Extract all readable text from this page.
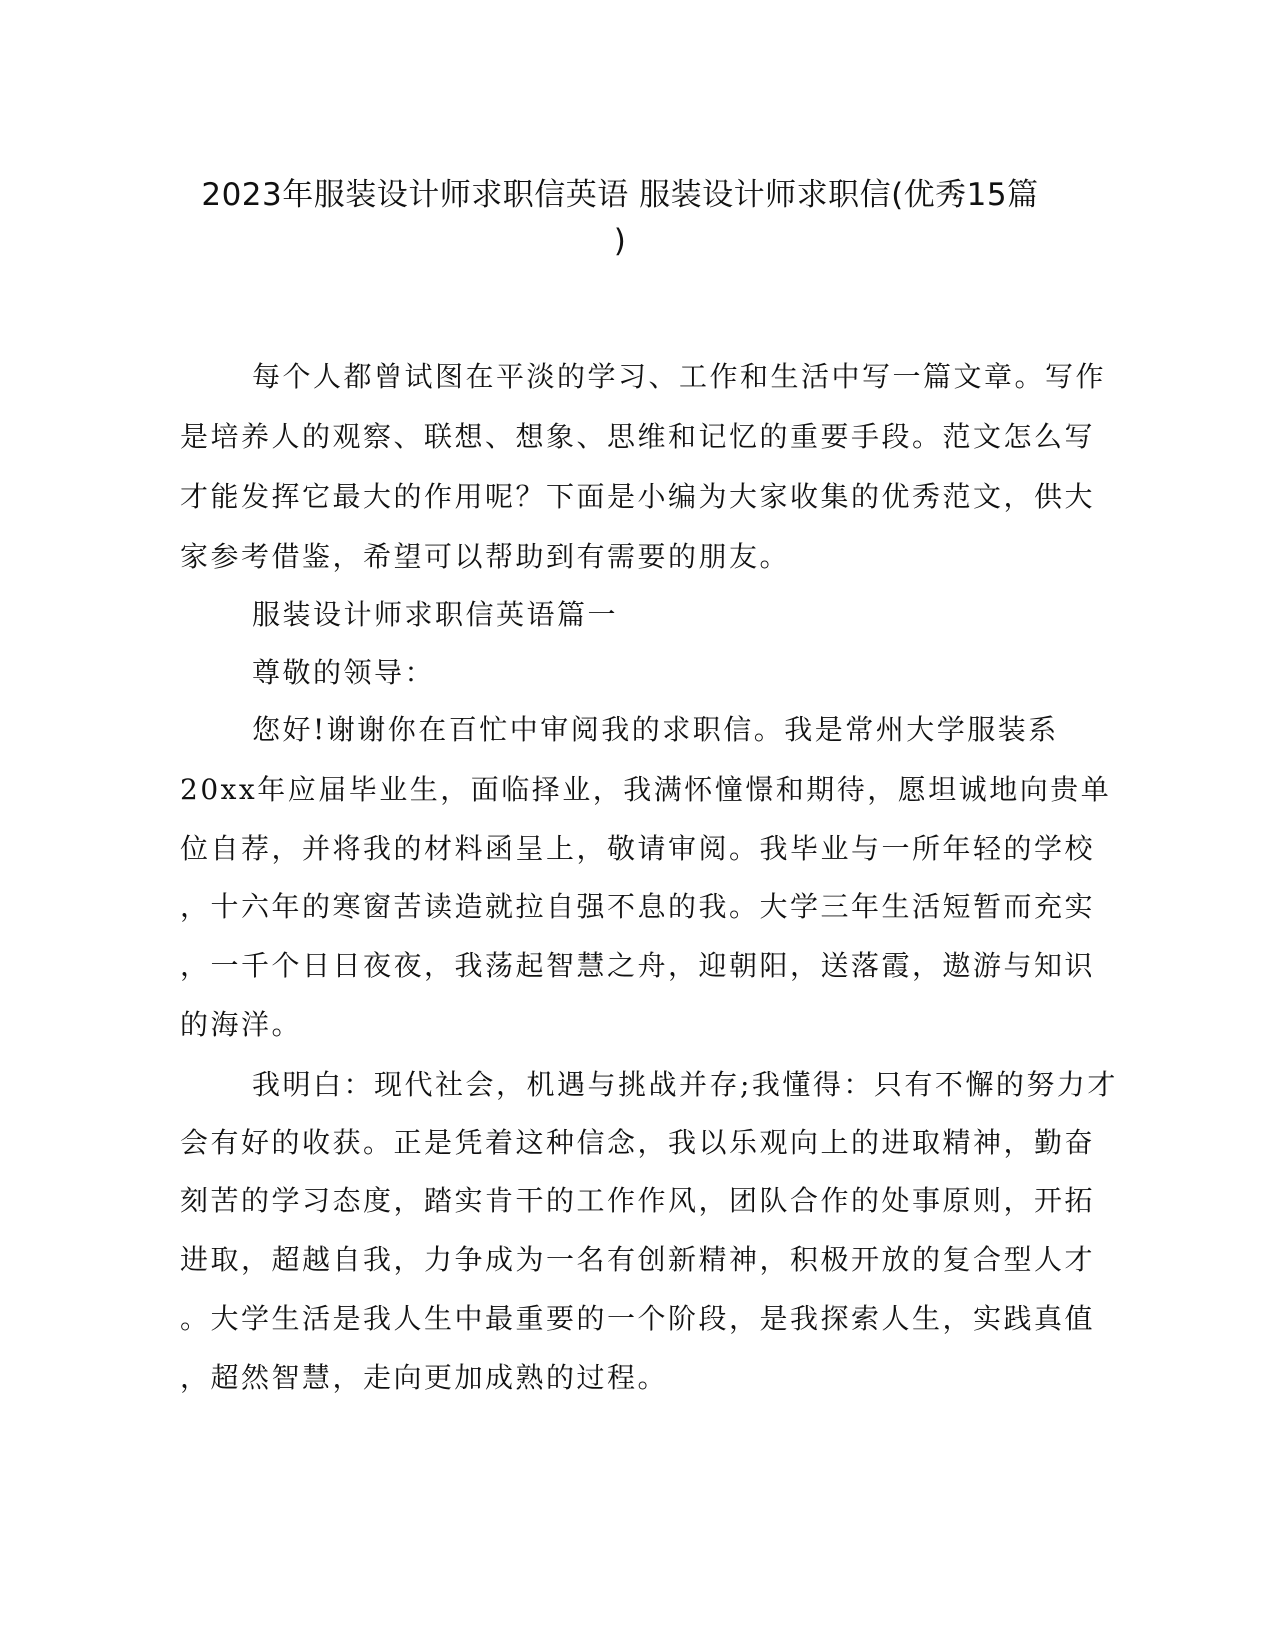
2023年服装设计师求职信英语 服装设计师求职信(优秀15篇
)
每个人都曾试图在平淡的学习、工作和生活中写一篇文章。写作
是培养人的观察、联想、想象、思维和记忆的重要手段。范文怎么写
才能发挥它最大的作用呢？下面是小编为大家收集的优秀范文，供大
家参考借鉴，希望可以帮助到有需要的朋友。
服装设计师求职信英语篇一
尊敬的领导：
您好!谢谢你在百忙中审阅我的求职信。我是常州大学服装系
20xx年应届毕业生，面临择业，我满怀憧憬和期待，愿坦诚地向贵单
位自荐，并将我的材料函呈上，敬请审阅。我毕业与一所年轻的学校
，十六年的寒窗苦读造就拉自强不息的我。大学三年生活短暂而充实
，一千个日日夜夜，我荡起智慧之舟，迎朝阳，送落霞，遨游与知识
的海洋。
我明白：现代社会，机遇与挑战并存;我懂得：只有不懈的努力才
会有好的收获。正是凭着这种信念，我以乐观向上的进取精神，勤奋
刻苦的学习态度，踏实肯干的工作作风，团队合作的处事原则，开拓
进取，超越自我，力争成为一名有创新精神，积极开放的复合型人才
。大学生活是我人生中最重要的一个阶段，是我探索人生，实践真值
，超然智慧，走向更加成熟的过程。
